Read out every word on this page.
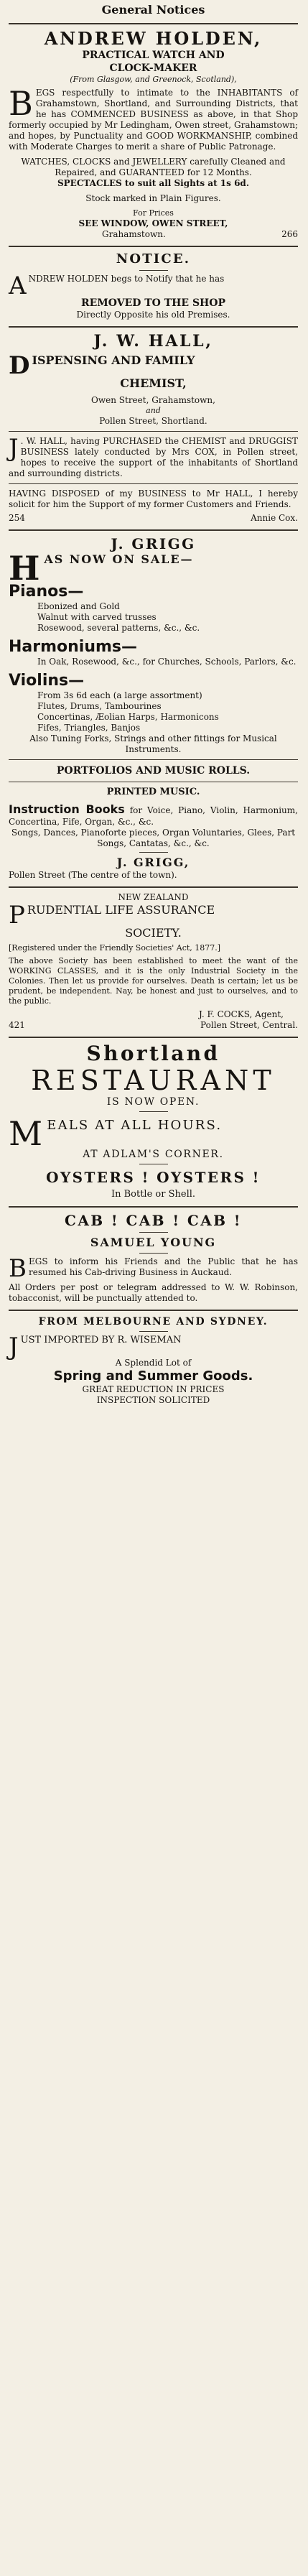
General Notices

ANDREW HOLDEN,

PRACTICAL WATCH AND

CLOCK-MAKER

(From Glasgow, and Greenock, Scotland),

B EGS respectfully to intimate to the INHABITANTS of Grahamstown, Shortland, and Surrounding Districts, that he has COMMENCED BUSINESS as above, in that Shop formerly occupied by Mr Ledingham, Owen street, Grahamstown; and hopes, by Punctuality and GOOD WORKMANSHIP, combined with Moderate Charges to merit a share of Public Patronage.

WATCHES, CLOCKS and JEWELLERY carefully Cleaned and Repaired, and GUARANTEED for 12 Months.

SPECTACLES to suit all Sights at 1s 6d.

Stock marked in Plain Figures.

For Prices

SEE WINDOW, OWEN STREET,

Grahamstown.	266

NOTICE.

A NDREW HOLDEN begs to Notify that he has

REMOVED TO THE SHOP

Directly Opposite his old Premises.

J. W. HALL,

D ISPENSING AND FAMILY

CHEMIST,

Owen Street, Grahamstown,

and

Pollen Street, Shortland.

J . W. HALL, having PURCHASED the CHEMIST and DRUGGIST BUSINESS lately conducted by Mrs COX, in Pollen street, hopes to receive the support of the inhabitants of Shortland and surrounding districts.

HAVING DISPOSED of my BUSINESS to Mr HALL, I hereby solicit for him the Support of my former Customers and Friends.

254	Annie Cox.

J. GRIGG

H AS NOW ON SALE—

Pianos—

Ebonized and Gold

Walnut with carved trusses

Rosewood, several patterns, &c., &c.

Harmoniums—

In Oak, Rosewood, &c., for Churches, Schools, Parlors, &c.

Violins—

From 3s 6d each (a large assortment)

Flutes, Drums, Tambourines

Concertinas, Æolian Harps, Harmonicons

Fifes, Triangles, Banjos

Also Tuning Forks, Strings and other fittings for Musical Instruments.

PORTFOLIOS AND MUSIC ROLLS.

PRINTED MUSIC.

Instruction Books for Voice, Piano, Violin, Harmonium, Concertina, Fife, Organ, &c., &c.

Songs, Dances, Pianoforte pieces, Organ Voluntaries, Glees, Part Songs, Cantatas, &c., &c.

J. GRIGG,

Pollen Street (The centre of the town).

NEW ZEALAND

P RUDENTIAL LIFE ASSURANCE

SOCIETY.

[Registered under the Friendly Societies' Act, 1877.]

The above Society has been established to meet the want of the WORKING CLASSES, and it is the only Industrial Society in the Colonies. Then let us provide for ourselves. Death is certain; let us be prudent, be independent. Nay, be honest and just to ourselves, and to the public.

J. F. COCKS, Agent,

421	Pollen Street, Central.

Shortland

RESTAURANT

IS NOW OPEN.

M EALS AT ALL HOURS.

AT ADLAM'S CORNER.

OYSTERS ! OYSTERS !

In Bottle or Shell.

CAB ! CAB ! CAB !

SAMUEL YOUNG

B EGS to inform his Friends and the Public that he has resumed his Cab-driving Business in Auckaud.

All Orders per post or telegram addressed to W. W. Robinson, tobacconist, will be punctually attended to.

FROM MELBOURNE AND SYDNEY.

J UST IMPORTED BY R. WISEMAN

A Splendid Lot of

Spring and Summer Goods.

GREAT REDUCTION IN PRICES

INSPECTION SOLICITED
